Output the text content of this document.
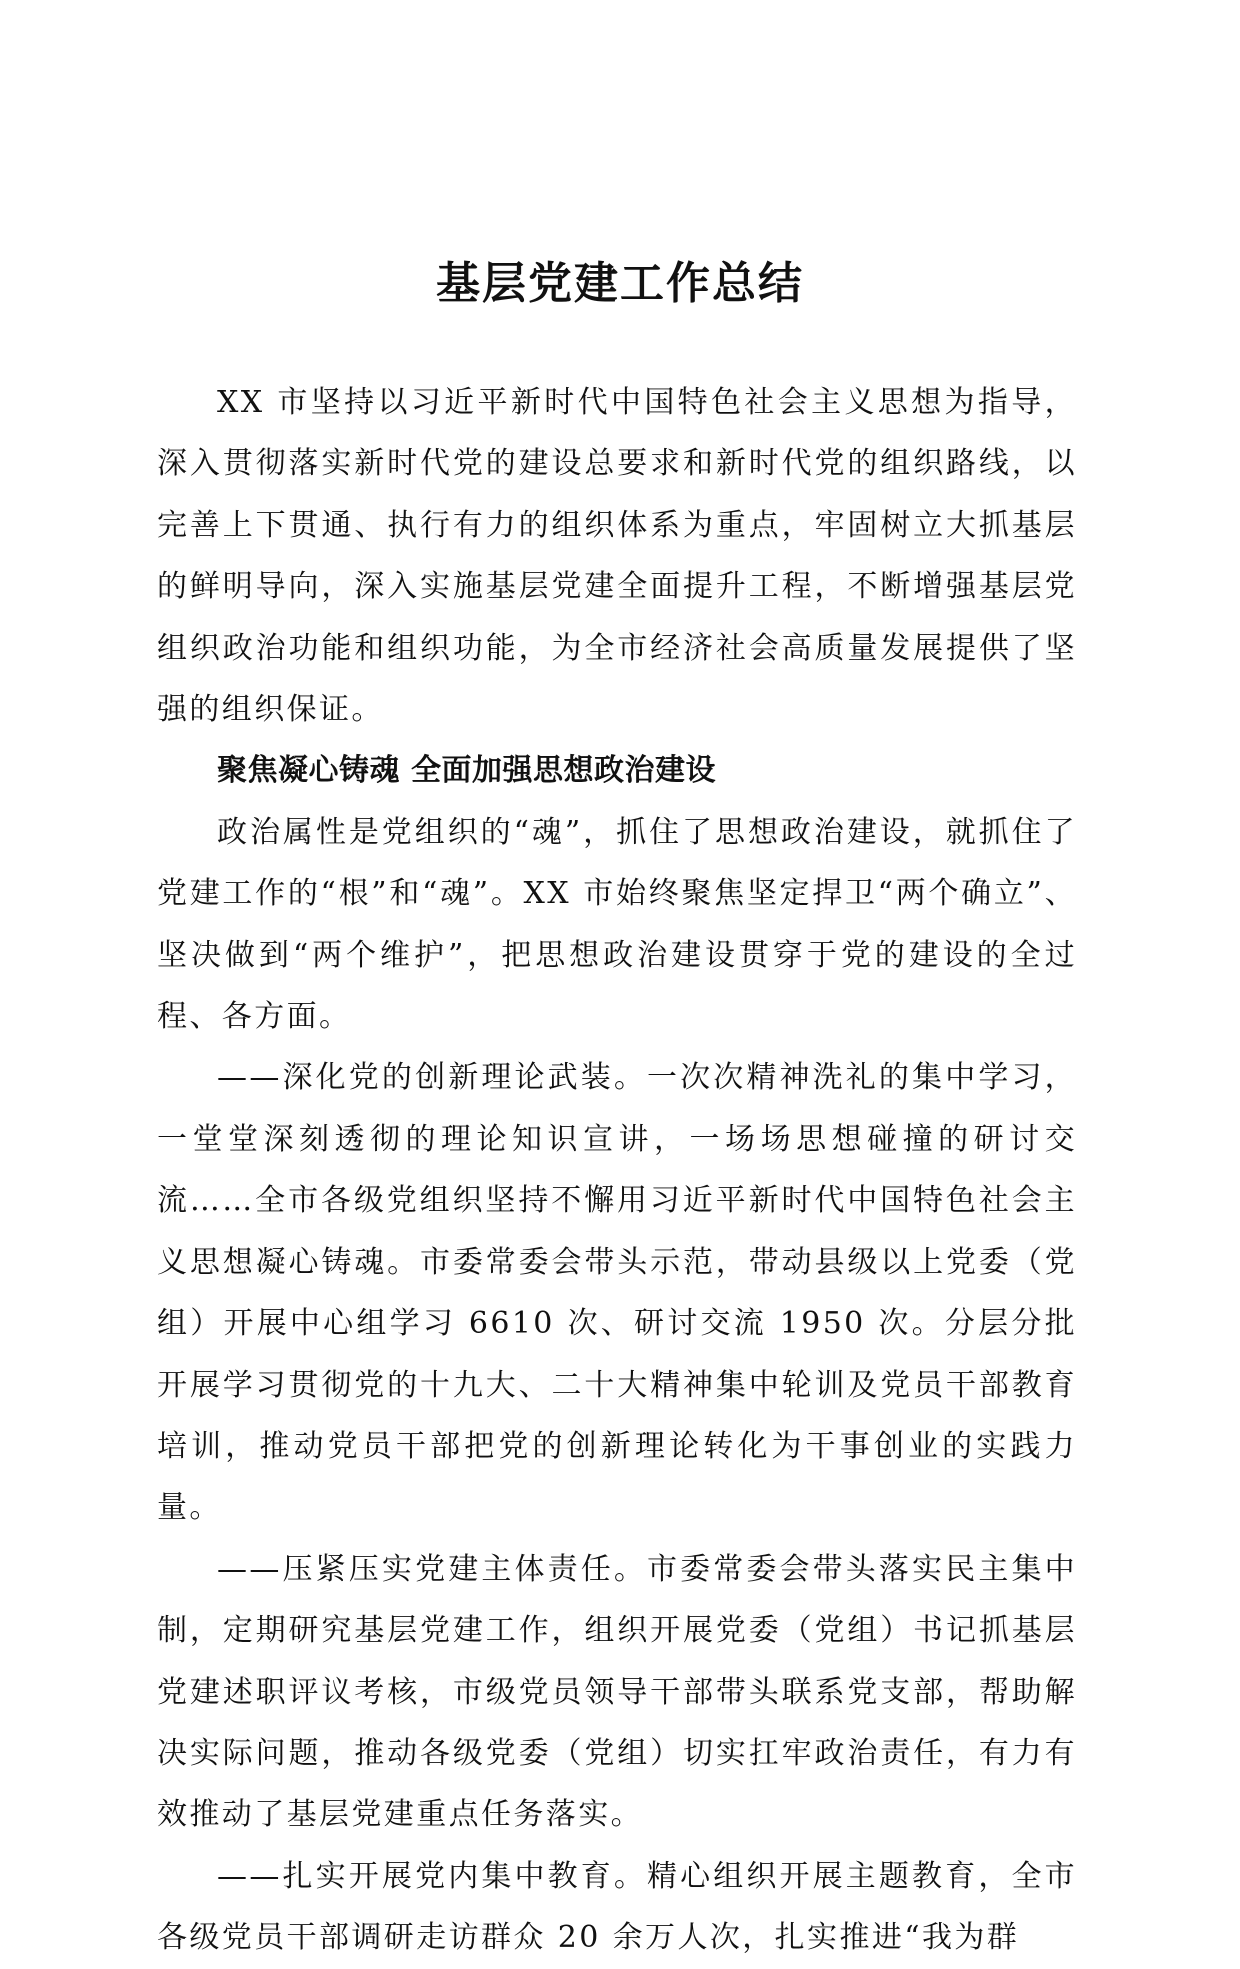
基层党建工作总结

XX 市坚持以习近平新时代中国特色社会主义思想为指导，深入贯彻落实新时代党的建设总要求和新时代党的组织路线，以完善上下贯通、执行有力的组织体系为重点，牢固树立大抓基层的鲜明导向，深入实施基层党建全面提升工程，不断增强基层党组织政治功能和组织功能，为全市经济社会高质量发展提供了坚强的组织保证。

聚焦凝心铸魂 全面加强思想政治建设

政治属性是党组织的“魂”，抓住了思想政治建设，就抓住了党建工作的“根”和“魂”。XX 市始终聚焦坚定捍卫“两个确立”、坚决做到“两个维护”，把思想政治建设贯穿于党的建设的全过程、各方面。

——深化党的创新理论武装。一次次精神洗礼的集中学习，一堂堂深刻透彻的理论知识宣讲，一场场思想碰撞的研讨交流……全市各级党组织坚持不懈用习近平新时代中国特色社会主义思想凝心铸魂。市委常委会带头示范，带动县级以上党委（党组）开展中心组学习 6610 次、研讨交流 1950 次。分层分批开展学习贯彻党的十九大、二十大精神集中轮训及党员干部教育培训，推动党员干部把党的创新理论转化为干事创业的实践力量。

——压紧压实党建主体责任。市委常委会带头落实民主集中制，定期研究基层党建工作，组织开展党委（党组）书记抓基层党建述职评议考核，市级党员领导干部带头联系党支部，帮助解决实际问题，推动各级党委（党组）切实扛牢政治责任，有力有效推动了基层党建重点任务落实。

——扎实开展党内集中教育。精心组织开展主题教育，全市各级党员干部调研走访群众 20 余万人次，扎实推进“我为群
